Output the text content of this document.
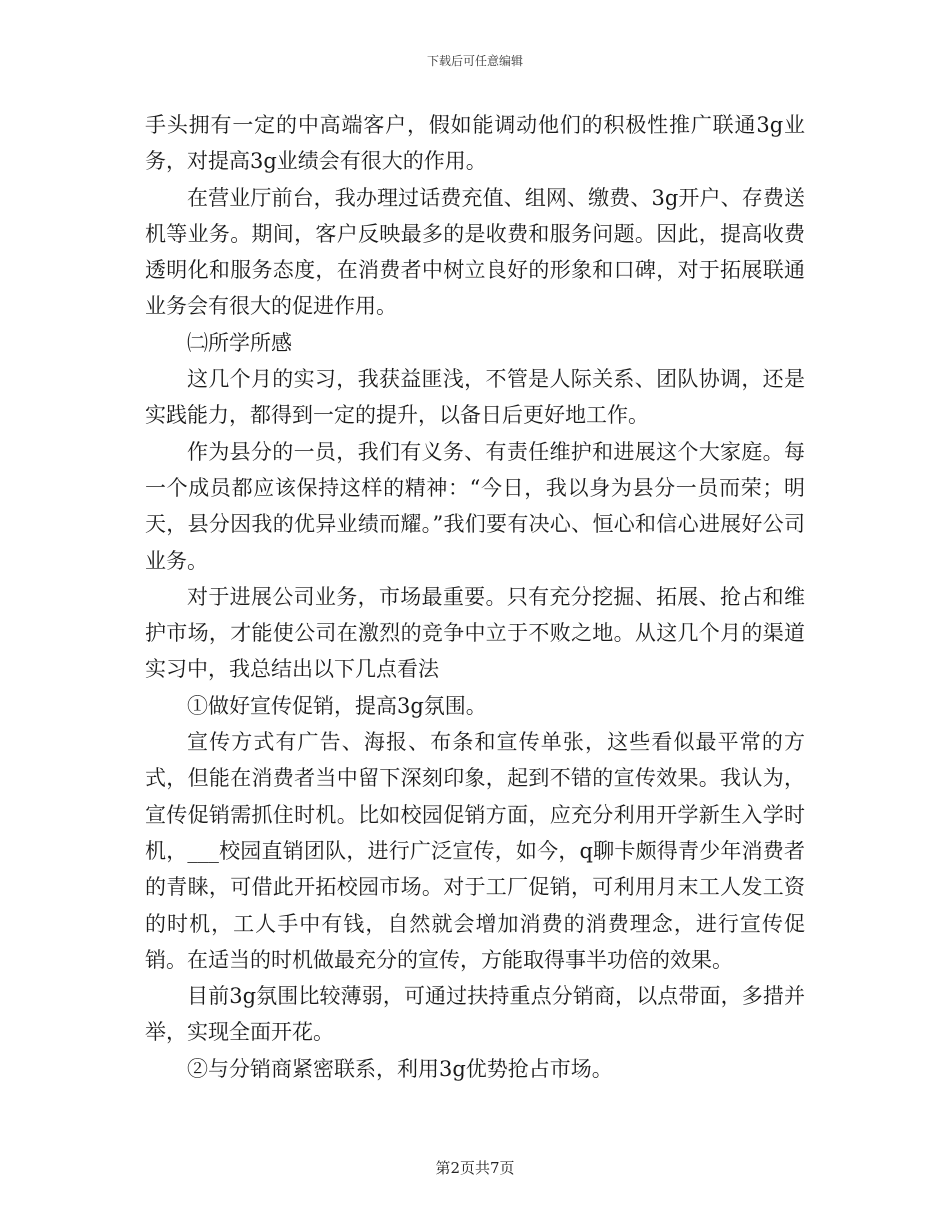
下载后可任意编辑

手头拥有一定的中高端客户，假如能调动他们的积极性推广联通3g业务，对提高3g业绩会有很大的作用。

在营业厅前台，我办理过话费充值、组网、缴费、3g开户、存费送机等业务。期间，客户反映最多的是收费和服务问题。因此，提高收费透明化和服务态度，在消费者中树立良好的形象和口碑，对于拓展联通业务会有很大的促进作用。

㈡所学所感

这几个月的实习，我获益匪浅，不管是人际关系、团队协调，还是实践能力，都得到一定的提升，以备日后更好地工作。

作为县分的一员，我们有义务、有责任维护和进展这个大家庭。每一个成员都应该保持这样的精神：“今日，我以身为县分一员而荣；明天，县分因我的优异业绩而耀。”我们要有决心、恒心和信心进展好公司业务。

对于进展公司业务，市场最重要。只有充分挖掘、拓展、抢占和维护市场，才能使公司在激烈的竞争中立于不败之地。从这几个月的渠道实习中，我总结出以下几点看法

①做好宣传促销，提高3g氛围。

宣传方式有广告、海报、布条和宣传单张，这些看似最平常的方式，但能在消费者当中留下深刻印象，起到不错的宣传效果。我认为，宣传促销需抓住时机。比如校园促销方面，应充分利用开学新生入学时机，___校园直销团队，进行广泛宣传，如今，q聊卡颇得青少年消费者的青睐，可借此开拓校园市场。对于工厂促销，可利用月末工人发工资的时机，工人手中有钱，自然就会增加消费的消费理念，进行宣传促销。在适当的时机做最充分的宣传，方能取得事半功倍的效果。

目前3g氛围比较薄弱，可通过扶持重点分销商，以点带面，多措并举，实现全面开花。

②与分销商紧密联系，利用3g优势抢占市场。

第2页共7页
